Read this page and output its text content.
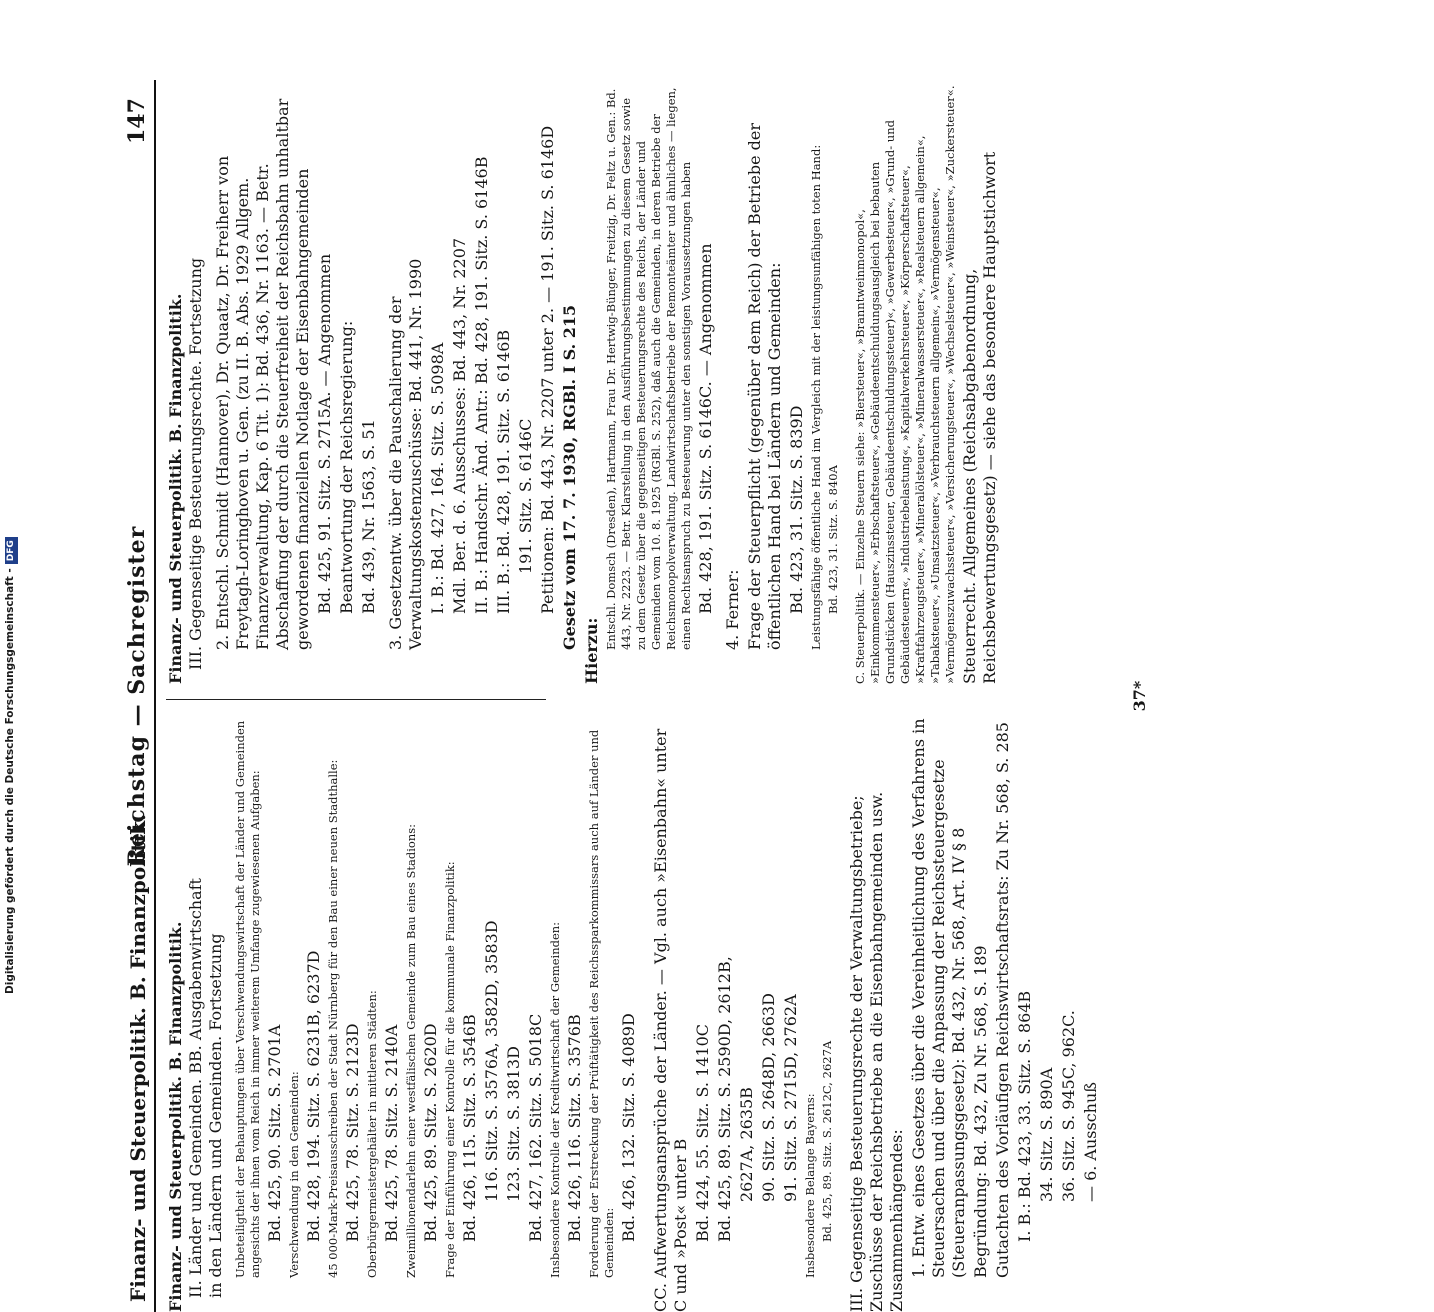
Finanz- und Steuerpolitik. B. Finanzpolitik.
Reichstag — Sachregister
147
Finanz- und Steuerpolitik. B. Finanzpolitik. II. Länder und Gemeinden. BB. Ausgabenwirtschaft in den Ländern und Gemeinden. Fortsetzung Unbeteiligtheit der Behauptungen über Verschwendungswirtschaft der Länder und Gemeinden angesichts der ihnen vom Reich in immer weiterem Umfange zugewiesenen Aufgaben: Bd. 425, 90. Sitz. S. 2701A Verschwendung in den Gemeinden: Bd. 428, 194. Sitz. S. 6231B, 6237D 45 000-Mark-Preisausschreiben der Stadt Nürnberg für den Bau einer neuen Stadthalle: Bd. 425, 78. Sitz. S. 2123D Oberbürgermeistergehälter in mittleren Städten: Bd. 425, 78. Sitz. S. 2140A Zweimillionendarlehn einer westfälischen Gemeinde zum Bau eines Stadions: Bd. 425, 89. Sitz. S. 2620D Frage der Einführung einer Kontrolle für die kommunale Finanzpolitik: Bd. 426, 115. Sitz. S. 3546B 116. Sitz. S. 3576A, 3582D, 3583D 123. Sitz. S. 3813D Bd. 427, 162. Sitz. S. 5018C Insbesondere Kontrolle der Kreditwirtschaft der Gemeinden: Bd. 426, 116. Sitz. S. 3576B Forderung der Erstreckung der Prüftätigkeit des Reichssparkommissars auch auf Länder und Gemeinden:
Bd. 426, 132. Sitz. S. 4089D CC. Aufwertungsansprüche der Länder. — Vgl. auch »Eisenbahn« unter C und »Post« unter B Bd. 424, 55. Sitz. S. 1410C Bd. 425, 89. Sitz. S. 2590D, 2612B, 2627A, 2635B 90. Sitz. S. 2648D, 2663D 91. Sitz. S. 2715D, 2762A Insbesondere Belange Bayerns: Bd. 425, 89. Sitz. S. 2612C, 2627A III. Gegenseitige Besteuerungsrechte der Verwaltungsbetriebe; Zuschüsse der Reichsbetriebe an die Eisenbahngemeinden usw. Zusammenhängendes: 1. Entw. eines Gesetzes über die Vereinheitlichung des Verfahrens in Steuersachen und über die Anpassung der Reichssteuergesetze (Steueranpassungsgesetz): Bd. 432, Nr. 568, Art. IV § 8 Begründung: Bd. 432, Zu Nr. 568, S. 189 Gutachten des Vorläufigen Reichswirtschaftsrats: Zu Nr. 568, S. 285 I. B.: Bd. 423, 33. Sitz. S. 864B 34. Sitz. S. 890A 36. Sitz. S. 945C, 962C. — 6. Ausschuß
Finanz- und Steuerpolitik. B. Finanzpolitik. III. Gegenseitige Besteuerungsrechte. Fortsetzung 2. Entschl. Schmidt (Hannover), Dr. Quaatz, Dr. Freiherr von Freytagh-Loringhoven u. Gen. (zu II. B. Abs. 1929 Allgem. Finanzverwaltung, Kap. 6 Tit. 1): Bd. 436, Nr. 1163. — Betr. Abschaffung der durch die Steuerfreiheit der Reichsbahn unhaltbar gewordenen finanziellen Notlage der Eisenbahngemeinden Bd. 425, 91. Sitz. S. 2715A. — Angenommen Beantwortung der Reichsregierung: Bd. 439, Nr. 1563, S. 51 3. Gesetzentw. über die Pauschalierung der Verwaltungskostenzuschüsse: Bd. 441, Nr. 1990 I. B.: Bd. 427, 164. Sitz. S. 5098A Mdl. Ber. d. 6. Ausschusses: Bd. 443, Nr. 2207 II. B.: Handschr. Änd. Antr.: Bd. 428, 191. Sitz. S. 6146B III. B.: Bd. 428, 191. Sitz. S. 6146B 191. Sitz. S. 6146C Petitionen: Bd. 443, Nr. 2207 unter 2. — 191. Sitz. S. 6146D Gesetz vom 17. 7. 1930, RGBl. I S. 215
Hierzu:
Entschl. Domsch (Dresden), Hartmann, Frau Dr. Hertwig-Bünger, Freitzig, Dr. Feltz u. Gen.: Bd. 443, Nr. 2223. — Betr. Klarstellung in den Ausführungsbestimmungen zu diesem Gesetz sowie zu dem Gesetz über die gegenseitigen Besteuerungsrechte des Reichs, der Länder und Gemeinden vom 10. 8. 1925 (RGBl. S. 252), daß auch die Gemeinden, in deren Betriebe der Reichsmonopolverwaltung. Landwirtschaftsbetriebe der Remonteämter und ähnliches — liegen, einen Rechtsanspruch zu Besteuerung unter den sonstigen Voraussetzungen haben Bd. 428, 191. Sitz. S. 6146C. — Angenommen 4. Ferner: Frage der Steuerpflicht (gegenüber dem Reich) der Betriebe der öffentlichen Hand bei Ländern und Gemeinden: Bd. 423, 31. Sitz. S. 839D Leistungsfähige öffentliche Hand im Vergleich mit der leistungsunfähigen toten Hand: Bd. 423, 31. Sitz. S. 840A C. Steuerpolitik. — Einzelne Steuern siehe: »Biersteuer«, »Branntweinmonopol«, »Einkommensteuer«, »Erbschaftsteuer«, »Gebäudeentschuldungsausgleich bei bebauten Grundstücken (Hauszinssteuer, Gebäudeentschuldungssteuer)«, »Gewerbesteuer«, »Grund- und Gebäudesteuern«, »Industriebelastung«, »Kapitalverkehrsteuer«, »Körperschaftsteuer«, »Kraftfahrzeugsteuer«, »Mineralölsteuer«, »Mineralwassersteuer«, »Realsteuern allgemein«, »Tabaksteuer«, »Umsatzsteuer«, »Verbrauchsteuern allgemein«, »Vermögensteuer«, »Vermögenszuwachssteuer«, »Versicherungsteuer«, »Wechselsteuer«, »Weinsteuer«, »Zuckersteuer«. Steuerrecht. Allgemeines (Reichsabgabenordnung, Reichsbewertungsgesetz) — siehe das besondere Hauptstichwort
37*
Digitalisierung gefördert durch die Deutsche Forschungsgemeinschaft -DFG
